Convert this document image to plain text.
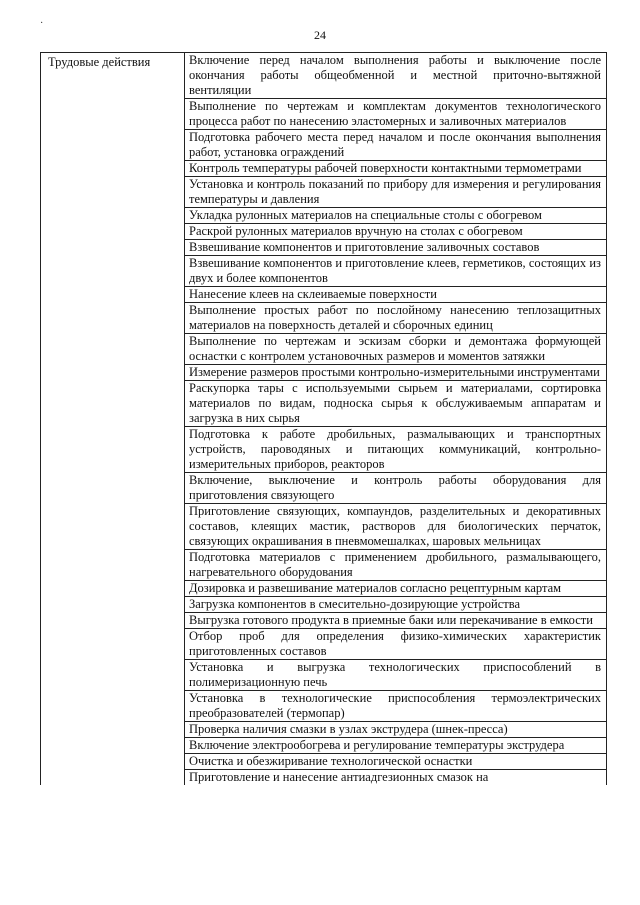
·
24
Трудовые действия	Включение перед началом выполнения работы и выключение после окончания работы общеобменной и местной приточно-вытяжной вентиляции
Выполнение по чертежам и комплектам документов технологического процесса работ по нанесению эластомерных и заливочных материалов
Подготовка рабочего места перед началом и после окончания выполнения работ, установка ограждений
Контроль температуры рабочей поверхности контактными термометрами
Установка и контроль показаний по прибору для измерения и регулирования температуры и давления
Укладка рулонных материалов на специальные столы с обогревом
Раскрой рулонных материалов вручную на столах с обогревом
Взвешивание компонентов и приготовление заливочных составов
Взвешивание компонентов и приготовление клеев, герметиков, состоящих из двух и более компонентов
Нанесение клеев на склеиваемые поверхности
Выполнение простых работ по послойному нанесению теплозащитных материалов на поверхность деталей и сборочных единиц
Выполнение по чертежам и эскизам сборки и демонтажа формующей оснастки с контролем установочных размеров и моментов затяжки
Измерение размеров простыми контрольно-измерительными инструментами
Раскупорка тары с используемыми сырьем и материалами, сортировка материалов по видам, подноска сырья к обслуживаемым аппаратам и загрузка в них сырья
Подготовка к работе дробильных, размалывающих и транспортных устройств, пароводяных и питающих коммуникаций, контрольно-измерительных приборов, реакторов
Включение, выключение и контроль работы оборудования для приготовления связующего
Приготовление связующих, компаундов, разделительных и декоративных составов, клеящих мастик, растворов для биологических перчаток, связующих окрашивания в пневмомешалках, шаровых мельницах
Подготовка материалов с применением дробильного, размалывающего, нагревательного оборудования
Дозировка и развешивание материалов согласно рецептурным картам
Загрузка компонентов в смесительно-дозирующие устройства
Выгрузка готового продукта в приемные баки или перекачивание в емкости
Отбор проб для определения физико-химических характеристик приготовленных составов
Установка и выгрузка технологических приспособлений в полимеризационную печь
Установка в технологические приспособления термоэлектрических преобразователей (термопар)
Проверка наличия смазки в узлах экструдера (шнек-пресса)
Включение электрообогрева и регулирование температуры экструдера
Очистка и обезжиривание технологической оснастки
Приготовление и нанесение антиадгезионных смазок на
